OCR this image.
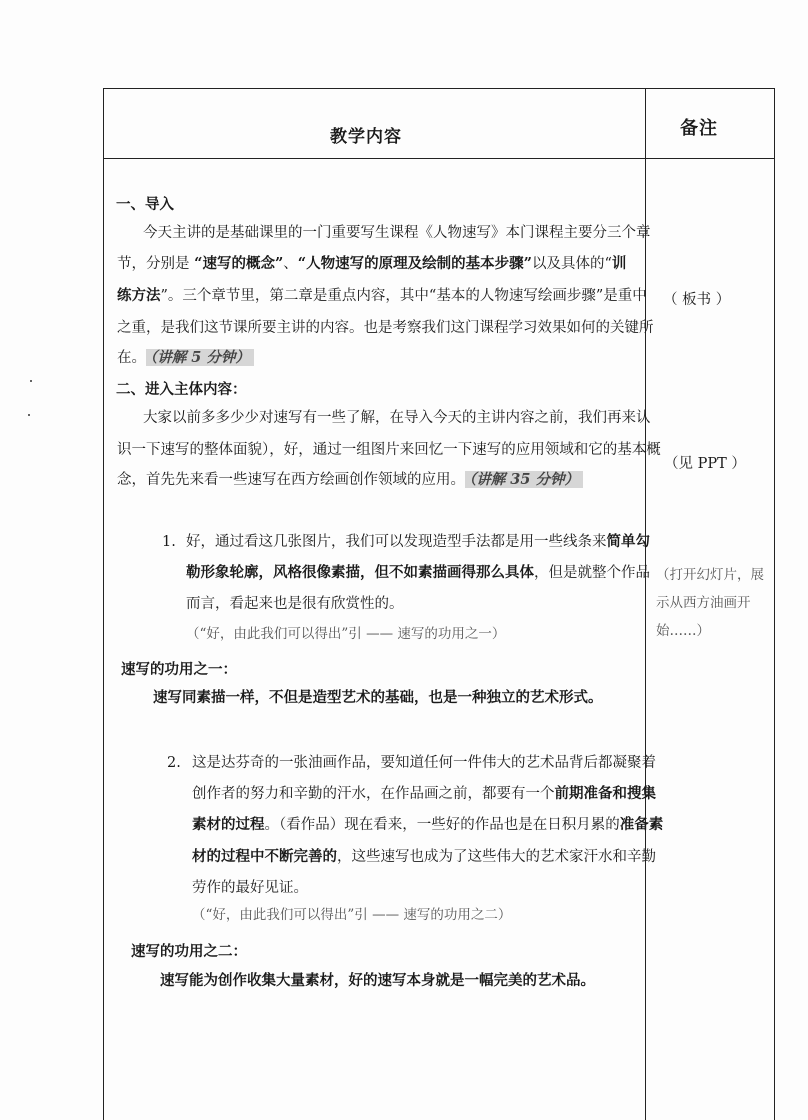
教学内容	备注
一、导入
今天主讲的是基础课里的一门重要写生课程《人物速写》本门课程主要分三个章
节，分别是 “速写的概念”、“人物速写的原理及绘制的基本步骤”以及具体的“训
练方法”。三个章节里，第二章是重点内容，其中“基本的人物速写绘画步骤”是重中
之重，是我们这节课所要主讲的内容。也是考察我们这门课程学习效果如何的关键所
在。 （讲解 5 分钟）
二、进入主体内容：
大家以前多多少少对速写有一些了解，在导入今天的主讲内容之前，我们再来认
识一下速写的整体面貌），好，通过一组图片来回忆一下速写的应用领域和它的基本概
念，首先先来看一些速写在西方绘画创作领域的应用。 （讲解 35 分钟）
1. 好，通过看这几张图片，我们可以发现造型手法都是用一些线条来简单勾
勒形象轮廓，风格很像素描，但不如素描画得那么具体，但是就整个作品
而言，看起来也是很有欣赏性的。
（“好，由此我们可以得出”引 —— 速写的功用之一）
速写的功用之一：
速写同素描一样，不但是造型艺术的基础，也是一种独立的艺术形式。
2. 这是达芬奇的一张油画作品，要知道任何一件伟大的艺术品背后都凝聚着
创作者的努力和辛勤的汗水，在作品画之前，都要有一个前期准备和搜集
素材的过程。（看作品）现在看来，一些好的作品也是在日积月累的准备素
材的过程中不断完善的，这些速写也成为了这些伟大的艺术家汗水和辛勤
劳作的最好见证。
（“好，由此我们可以得出”引 —— 速写的功用之二）
速写的功用之二：
速写能为创作收集大量素材，好的速写本身就是一幅完美的艺术品。
（ 板书 ）
（见 PPT ）
（打开幻灯片，展示从西方油画开始……）
